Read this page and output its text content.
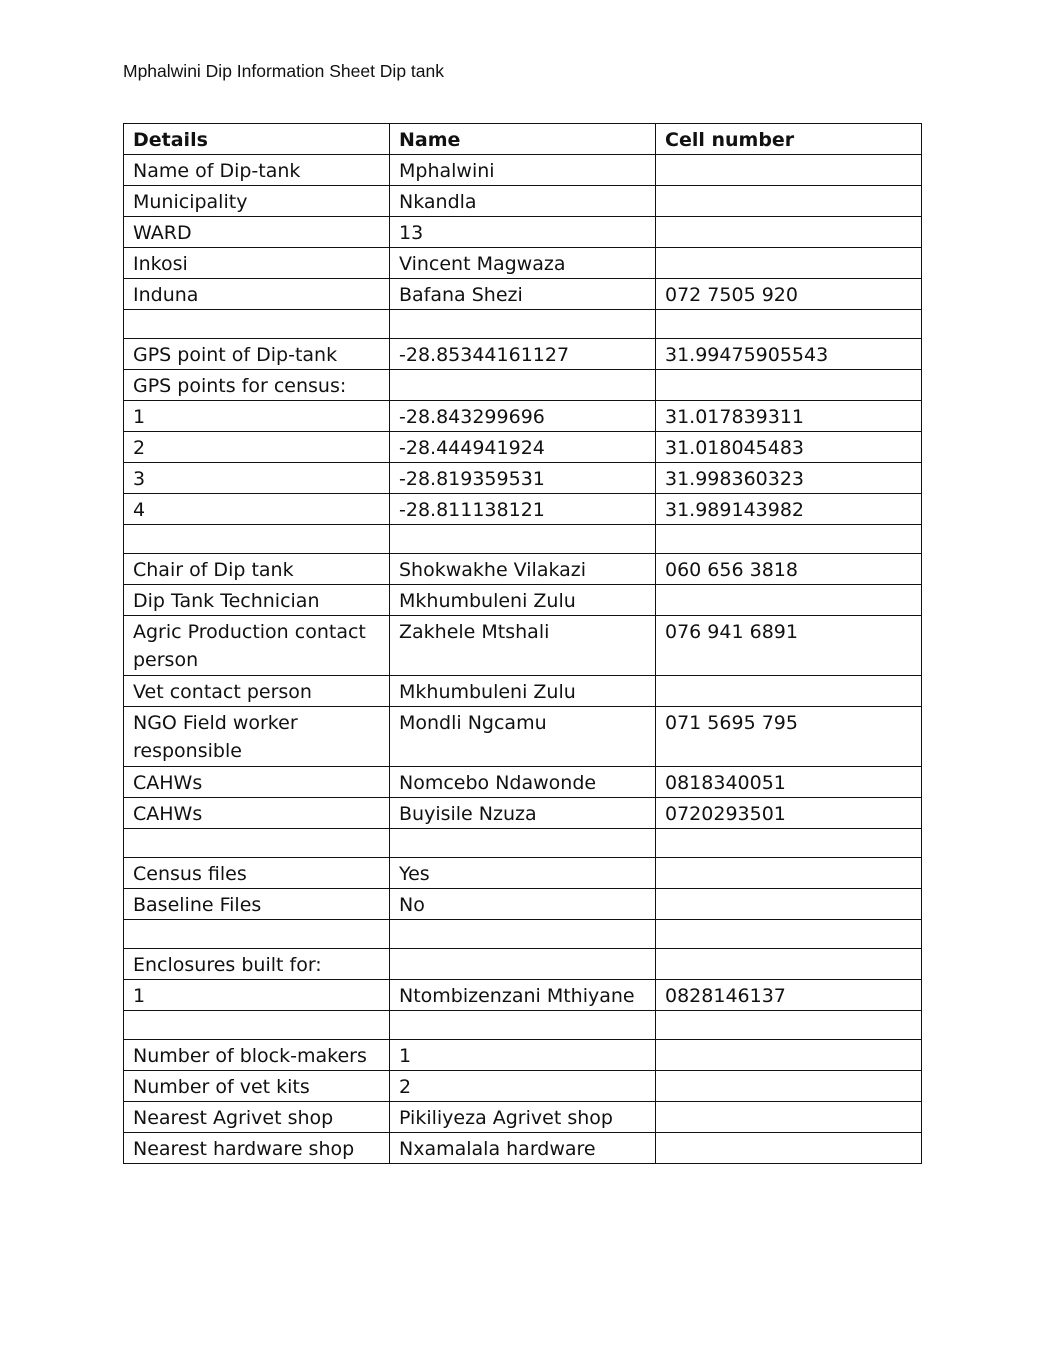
Mphalwini Dip Information Sheet Dip tank
Details	Name	Cell number
Name of Dip-tank	Mphalwini	
Municipality	Nkandla	
WARD	13	
Inkosi	Vincent Magwaza	
Induna	Bafana Shezi	072 7505 920

GPS point of Dip-tank	-28.85344161127	31.99475905543
GPS points for census:		
1	-28.843299696	31.017839311
2	-28.444941924	31.018045483
3	-28.819359531	31.998360323
4	-28.811138121	31.989143982

Chair of Dip tank	Shokwakhe Vilakazi	060 656 3818
Dip Tank Technician	Mkhumbuleni Zulu	
Agric Production contact person	Zakhele Mtshali	076 941 6891
Vet contact person	Mkhumbuleni Zulu	
NGO Field worker responsible	Mondli Ngcamu	071 5695 795
CAHWs	Nomcebo Ndawonde	0818340051
CAHWs	Buyisile Nzuza	0720293501

Census files	Yes	
Baseline Files	No	

Enclosures built for:		
1	Ntombizenzani Mthiyane	0828146137

Number of block-makers	1	
Number of vet kits	2	
Nearest Agrivet shop	Pikiliyeza Agrivet shop	
Nearest hardware shop	Nxamalala hardware	
